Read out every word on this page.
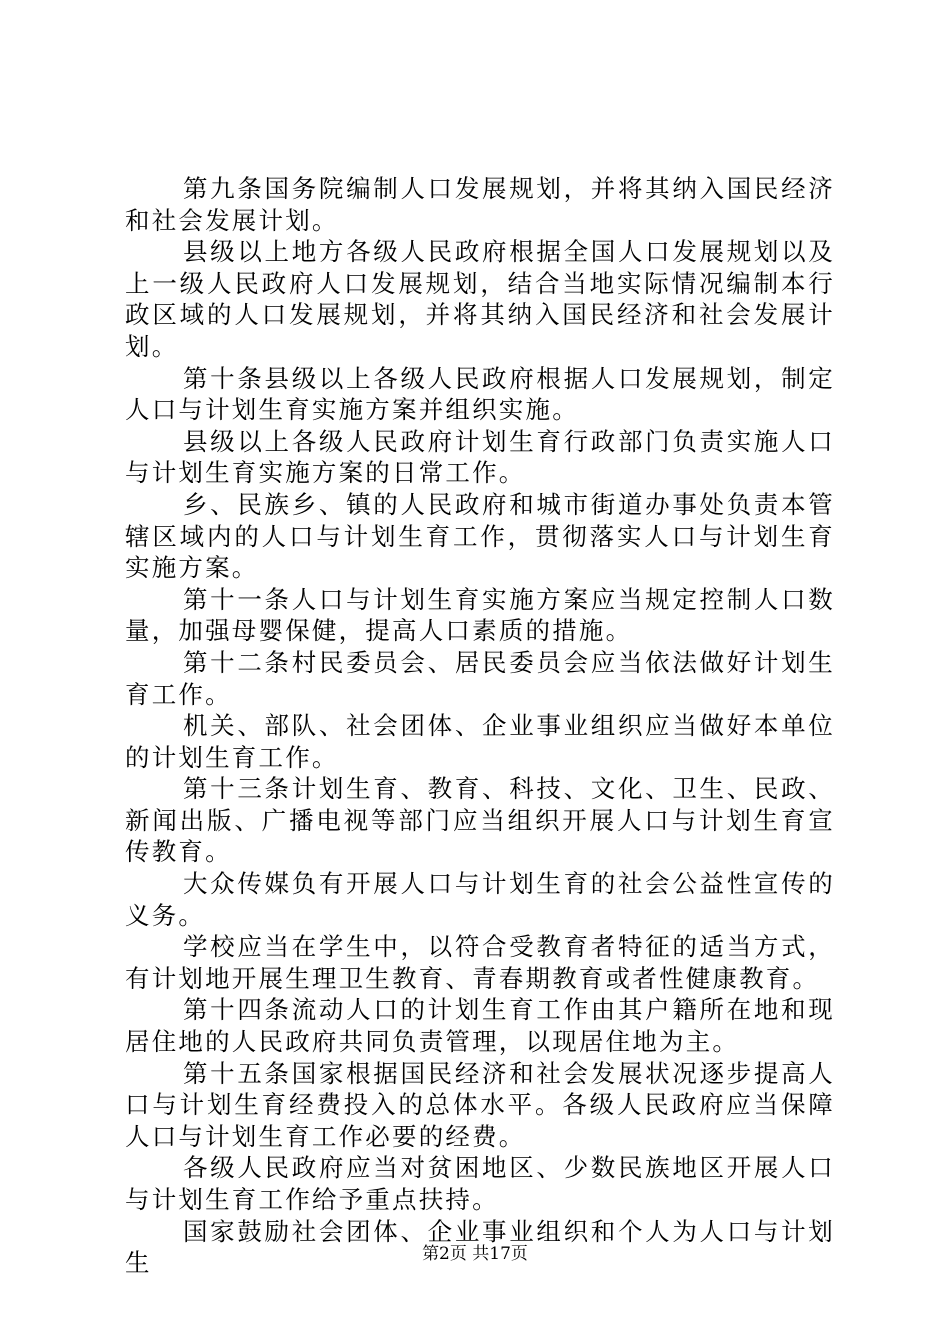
第九条国务院编制人口发展规划，并将其纳入国民经济和社会发展计划。

县级以上地方各级人民政府根据全国人口发展规划以及上一级人民政府人口发展规划，结合当地实际情况编制本行政区域的人口发展规划，并将其纳入国民经济和社会发展计划。

第十条县级以上各级人民政府根据人口发展规划，制定人口与计划生育实施方案并组织实施。

县级以上各级人民政府计划生育行政部门负责实施人口与计划生育实施方案的日常工作。

乡、民族乡、镇的人民政府和城市街道办事处负责本管辖区域内的人口与计划生育工作，贯彻落实人口与计划生育实施方案。

第十一条人口与计划生育实施方案应当规定控制人口数量，加强母婴保健，提高人口素质的措施。

第十二条村民委员会、居民委员会应当依法做好计划生育工作。

机关、部队、社会团体、企业事业组织应当做好本单位的计划生育工作。

第十三条计划生育、教育、科技、文化、卫生、民政、新闻出版、广播电视等部门应当组织开展人口与计划生育宣传教育。

大众传媒负有开展人口与计划生育的社会公益性宣传的义务。

学校应当在学生中，以符合受教育者特征的适当方式，有计划地开展生理卫生教育、青春期教育或者性健康教育。

第十四条流动人口的计划生育工作由其户籍所在地和现居住地的人民政府共同负责管理，以现居住地为主。

第十五条国家根据国民经济和社会发展状况逐步提高人口与计划生育经费投入的总体水平。各级人民政府应当保障人口与计划生育工作必要的经费。

各级人民政府应当对贫困地区、少数民族地区开展人口与计划生育工作给予重点扶持。

国家鼓励社会团体、企业事业组织和个人为人口与计划生	第2页 共17页
